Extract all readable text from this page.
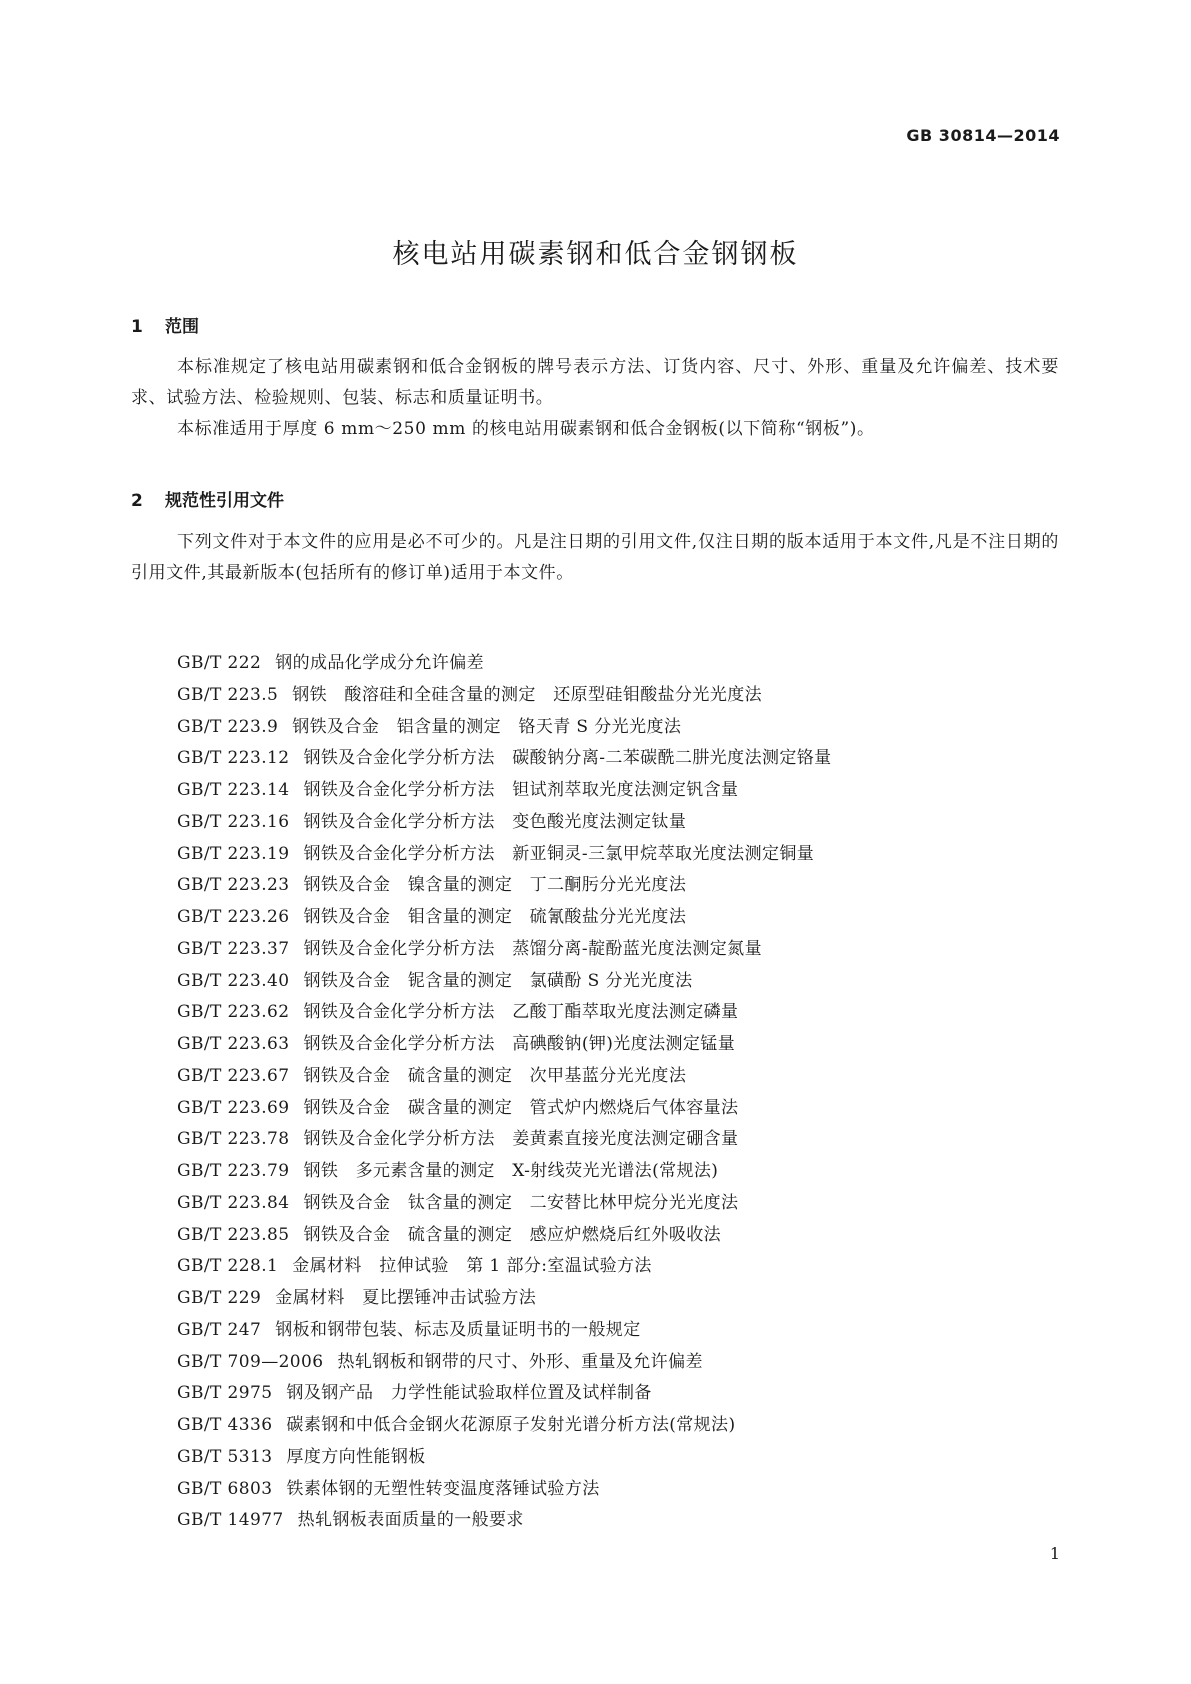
GB 30814—2014
核电站用碳素钢和低合金钢钢板
1 范围

本标准规定了核电站用碳素钢和低合金钢板的牌号表示方法、订货内容、尺寸、外形、重量及允许偏差、技术要求、试验方法、检验规则、包装、标志和质量证明书。

本标准适用于厚度 6 mm～250 mm 的核电站用碳素钢和低合金钢板(以下简称“钢板”)。

2 规范性引用文件

下列文件对于本文件的应用是必不可少的。凡是注日期的引用文件,仅注日期的版本适用于本文件,凡是不注日期的引用文件,其最新版本(包括所有的修订单)适用于本文件。

GB/T 222 钢的成品化学成分允许偏差
GB/T 223.5 钢铁　酸溶硅和全硅含量的测定　还原型硅钼酸盐分光光度法
GB/T 223.9 钢铁及合金　铝含量的测定　铬天青 S 分光光度法
GB/T 223.12 钢铁及合金化学分析方法　碳酸钠分离-二苯碳酰二肼光度法测定铬量
GB/T 223.14 钢铁及合金化学分析方法　钽试剂萃取光度法测定钒含量
GB/T 223.16 钢铁及合金化学分析方法　变色酸光度法测定钛量
GB/T 223.19 钢铁及合金化学分析方法　新亚铜灵-三氯甲烷萃取光度法测定铜量
GB/T 223.23 钢铁及合金　镍含量的测定　丁二酮肟分光光度法
GB/T 223.26 钢铁及合金　钼含量的测定　硫氰酸盐分光光度法
GB/T 223.37 钢铁及合金化学分析方法　蒸馏分离-靛酚蓝光度法测定氮量
GB/T 223.40 钢铁及合金　铌含量的测定　氯磺酚 S 分光光度法
GB/T 223.62 钢铁及合金化学分析方法　乙酸丁酯萃取光度法测定磷量
GB/T 223.63 钢铁及合金化学分析方法　高碘酸钠(钾)光度法测定锰量
GB/T 223.67 钢铁及合金　硫含量的测定　次甲基蓝分光光度法
GB/T 223.69 钢铁及合金　碳含量的测定　管式炉内燃烧后气体容量法
GB/T 223.78 钢铁及合金化学分析方法　姜黄素直接光度法测定硼含量
GB/T 223.79 钢铁　多元素含量的测定　X-射线荧光光谱法(常规法)
GB/T 223.84 钢铁及合金　钛含量的测定　二安替比林甲烷分光光度法
GB/T 223.85 钢铁及合金　硫含量的测定　感应炉燃烧后红外吸收法
GB/T 228.1 金属材料　拉伸试验　第 1 部分:室温试验方法
GB/T 229 金属材料　夏比摆锤冲击试验方法
GB/T 247 钢板和钢带包装、标志及质量证明书的一般规定
GB/T 709—2006 热轧钢板和钢带的尺寸、外形、重量及允许偏差
GB/T 2975 钢及钢产品　力学性能试验取样位置及试样制备
GB/T 4336 碳素钢和中低合金钢火花源原子发射光谱分析方法(常规法)
GB/T 5313 厚度方向性能钢板
GB/T 6803 铁素体钢的无塑性转变温度落锤试验方法
GB/T 14977 热轧钢板表面质量的一般要求
1
